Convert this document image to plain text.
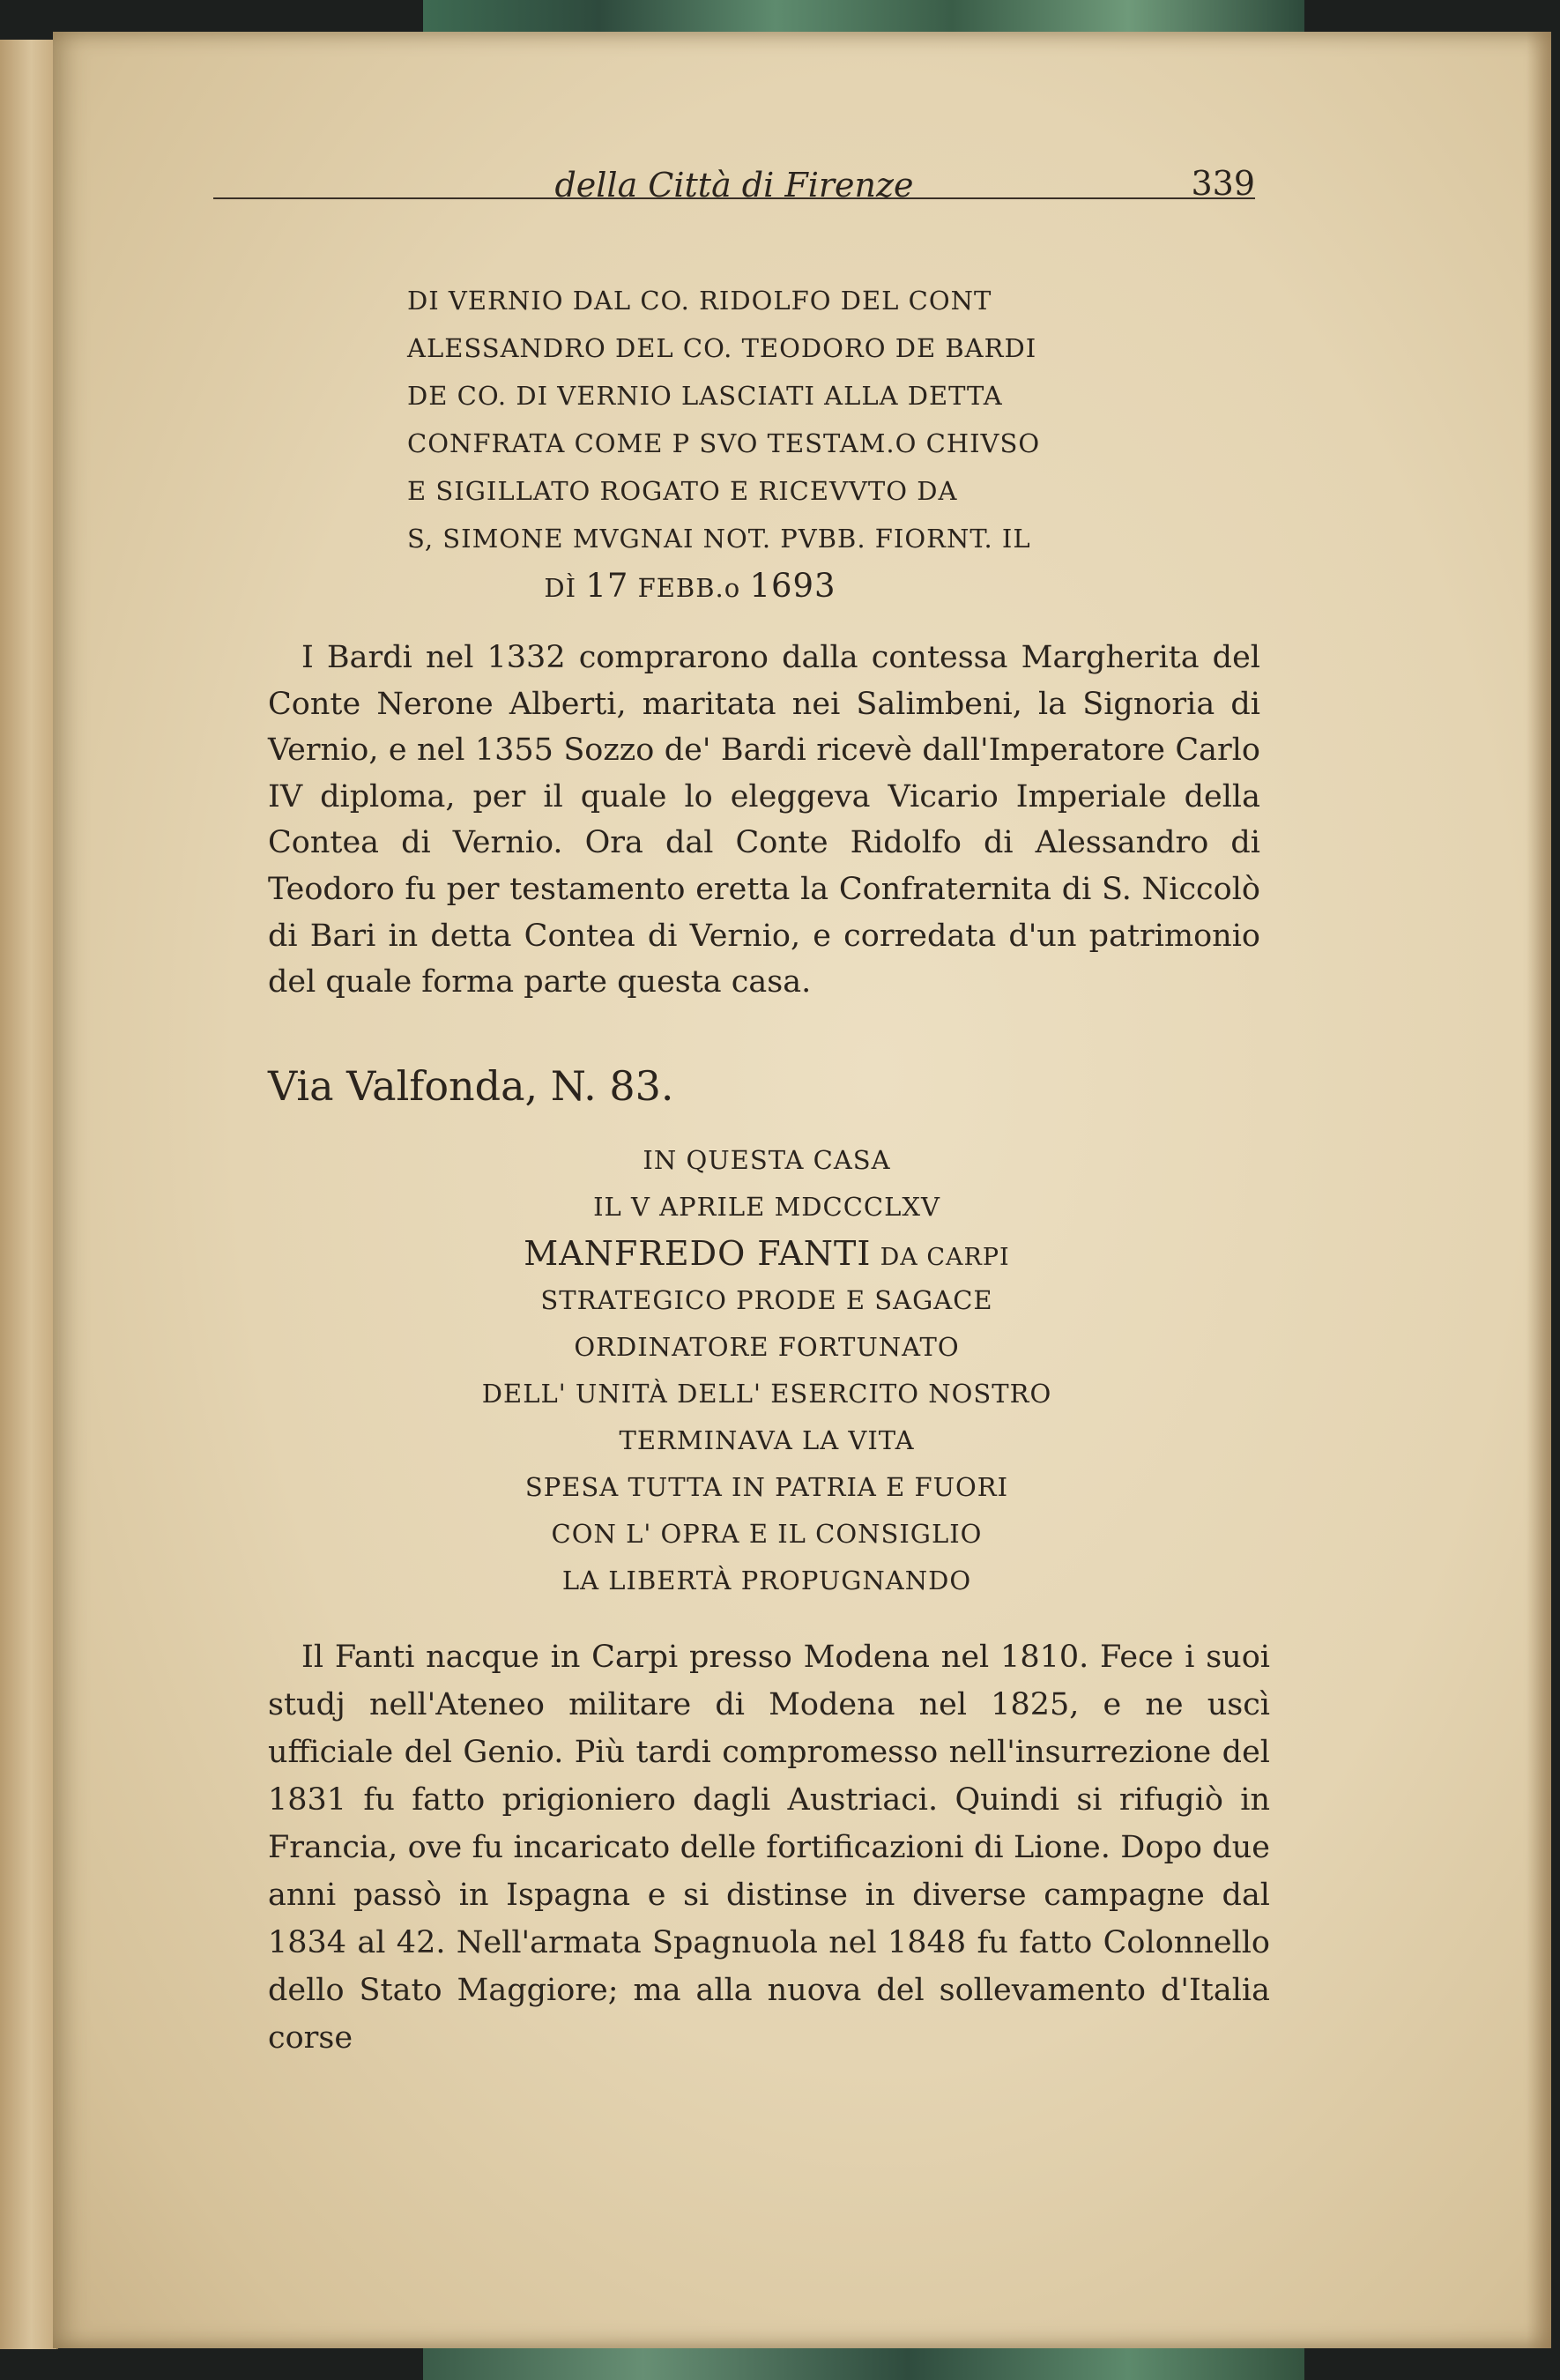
della Città di Firenze	339
DI VERNIO DAL CO. RIDOLFO DEL CONT
ALESSANDRO DEL CO. TEODORO DE BARDI
DE CO. DI VERNIO LASCIATI ALLA DETTA
CONFRATA COME P SVO TESTAM.O CHIVSO
E SIGILLATO ROGATO E RICEVVTO DA
S, SIMONE MVGNAI NOT. PVBB. FIORNT. IL
DÌ 17 FEBB.o 1693
I Bardi nel 1332 comprarono dalla contessa Margherita del Conte Nerone Alberti, maritata nei Salimbeni, la Signoria di Vernio, e nel 1355 Sozzo de' Bardi ricevè dall'Imperatore Carlo IV diploma, per il quale lo eleggeva Vicario Imperiale della Contea di Vernio. Ora dal Conte Ridolfo di Alessandro di Teodoro fu per testamento eretta la Confraternita di S. Niccolò di Bari in detta Contea di Vernio, e corredata d'un patrimonio del quale forma parte questa casa.
Via Valfonda, N. 83.
IN QUESTA CASA
IL V APRILE MDCCCLXV
MANFREDO FANTI DA CARPI
STRATEGICO PRODE E SAGACE
ORDINATORE FORTUNATO
DELL' UNITÀ DELL' ESERCITO NOSTRO
TERMINAVA LA VITA
SPESA TUTTA IN PATRIA E FUORI
CON L' OPRA E IL CONSIGLIO
LA LIBERTÀ PROPUGNANDO
Il Fanti nacque in Carpi presso Modena nel 1810. Fece i suoi studj nell'Ateneo militare di Modena nel 1825, e ne uscì ufficiale del Genio. Più tardi compromesso nell'insurrezione del 1831 fu fatto prigioniero dagli Austriaci. Quindi si rifugiò in Francia, ove fu incaricato delle fortificazioni di Lione. Dopo due anni passò in Ispagna e si distinse in diverse campagne dal 1834 al 42. Nell'armata Spagnuola nel 1848 fu fatto Colonnello dello Stato Maggiore; ma alla nuova del sollevamento d'Italia corse
